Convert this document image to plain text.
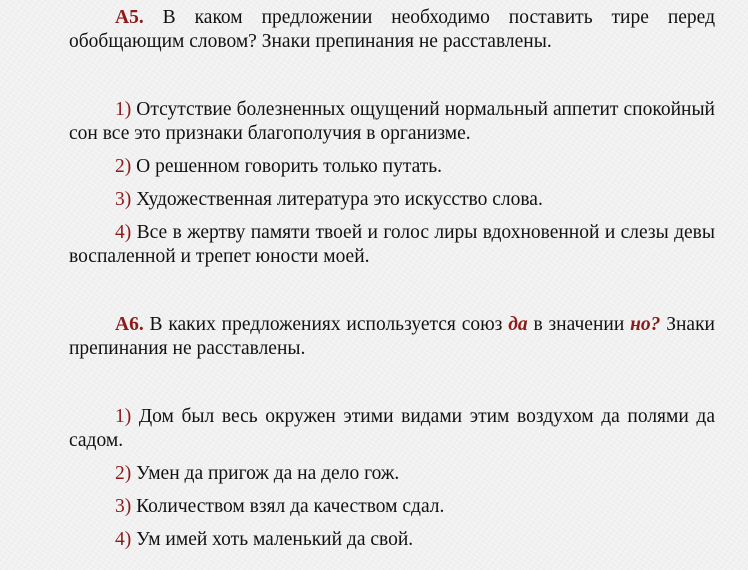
А5. В каком предложении необходимо поставить тире перед обобщающим словом? Знаки препинания не расставлены.

1) Отсутствие болезненных ощущений нормальный аппетит спокойный сон все это признаки благополучия в организме.

2) О решенном говорить только путать.

3) Художественная литература это искусство слова.

4) Все в жертву памяти твоей и голос лиры вдохновенной и слезы девы воспаленной и трепет юности моей.

А6. В каких предложениях используется союз да в значении но? Знаки препинания не расставлены.

1) Дом был весь окружен этими видами этим воздухом да полями да садом.

2) Умен да пригож да на дело гож.

3) Количеством взял да качеством сдал.

4) Ум имей хоть маленький да свой.
